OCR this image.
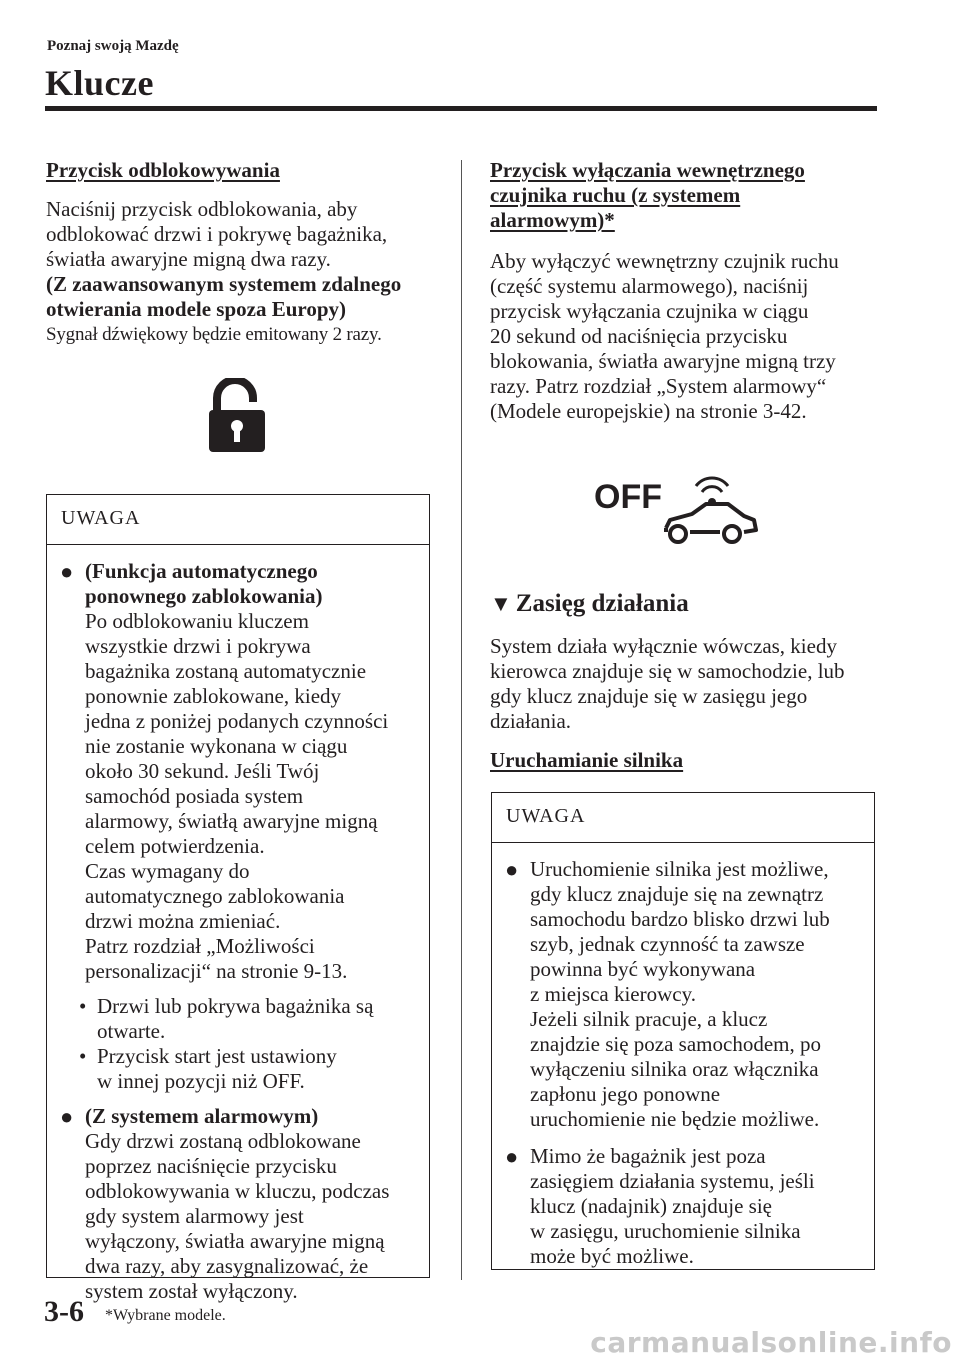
Poznaj swoją Mazdę
Klucze

Przycisk odblokowywania

Naciśnij przycisk odblokowania, aby

odblokować drzwi i pokrywę bagażnika,

światła awaryjne migną dwa razy.

(Z zaawansowanym systemem zdalnego

otwierania modele spoza Europy)

Sygnał dźwiękowy będzie emitowany 2 razy.

UWAGA
● (Funkcja automatycznego
ponownego zablokowania)
Po odblokowaniu kluczem
wszystkie drzwi i pokrywa
bagażnika zostaną automatycznie
ponownie zablokowane, kiedy
jedna z poniżej podanych czynności
nie zostanie wykonana w ciągu
około 30 sekund. Jeśli Twój
samochód posiada system
alarmowy, światłą awaryjne migną
celem potwierdzenia.
Czas wymagany do
automatycznego zablokowania
drzwi można zmieniać.
Patrz rozdział „Możliwości
personalizacji“ na stronie 9-13.
• Drzwi lub pokrywa bagażnika są
otwarte.
• Przycisk start jest ustawiony
w innej pozycji niż OFF.
● (Z systemem alarmowym)
Gdy drzwi zostaną odblokowane
poprzez naciśnięcie przycisku
odblokowywania w kluczu, podczas
gdy system alarmowy jest
wyłączony, światła awaryjne migną
dwa razy, aby zasygnalizować, że
system został wyłączony.

Przycisk wyłączania wewnętrznego

czujnika ruchu (z systemem

alarmowym)*

Aby wyłączyć wewnętrzny czujnik ruchu

(część systemu alarmowego), naciśnij

przycisk wyłączania czujnika w ciągu

20 sekund od naciśnięcia przycisku

blokowania, światła awaryjne migną trzy

razy. Patrz rozdział „System alarmowy“

(Modele europejskie) na stronie 3-42.

OFF
▼ Zasięg działania

System działa wyłącznie wówczas, kiedy

kierowca znajduje się w samochodzie, lub

gdy klucz znajduje się w zasięgu jego

działania.

Uruchamianie silnika

UWAGA
● Uruchomienie silnika jest możliwe,
gdy klucz znajduje się na zewnątrz
samochodu bardzo blisko drzwi lub
szyb, jednak czynność ta zawsze
powinna być wykonywana
z miejsca kierowcy.
Jeżeli silnik pracuje, a klucz
znajdzie się poza samochodem, po
wyłączeniu silnika oraz włącznika
zapłonu jego ponowne
uruchomienie nie będzie możliwe.
● Mimo że bagażnik jest poza
zasięgiem działania systemu, jeśli
klucz (nadajnik) znajduje się
w zasięgu, uruchomienie silnika
może być możliwe.
3-6 *Wybrane modele.
carmanualsonline.info
